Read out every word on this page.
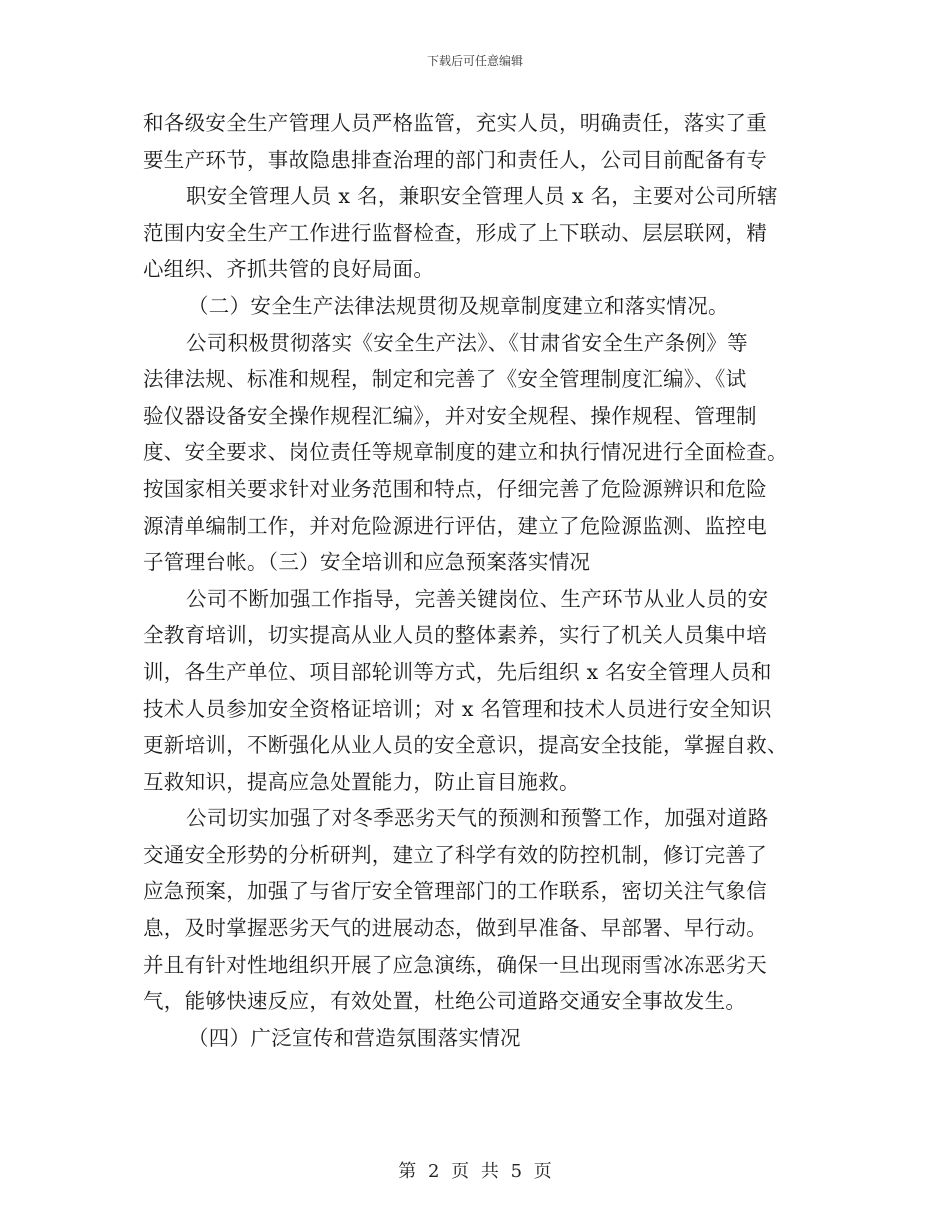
下载后可任意编辑
和各级安全生产管理人员严格监管，充实人员，明确责任，落实了重
要生产环节，事故隐患排查治理的部门和责任人，公司目前配备有专
职安全管理人员 x 名，兼职安全管理人员 x 名，主要对公司所辖
范围内安全生产工作进行监督检查，形成了上下联动、层层联网，精
心组织、齐抓共管的良好局面。
（二）安全生产法律法规贯彻及规章制度建立和落实情况。
公司积极贯彻落实《安全生产法》、《甘肃省安全生产条例》等
法律法规、标准和规程，制定和完善了《安全管理制度汇编》、《试
验仪器设备安全操作规程汇编》，并对安全规程、操作规程、管理制
度、安全要求、岗位责任等规章制度的建立和执行情况进行全面检查。
按国家相关要求针对业务范围和特点，仔细完善了危险源辨识和危险
源清单编制工作，并对危险源进行评估，建立了危险源监测、监控电
子管理台帐。（三）安全培训和应急预案落实情况
公司不断加强工作指导，完善关键岗位、生产环节从业人员的安
全教育培训，切实提高从业人员的整体素养，实行了机关人员集中培
训，各生产单位、项目部轮训等方式，先后组织 x 名安全管理人员和
技术人员参加安全资格证培训；对 x 名管理和技术人员进行安全知识
更新培训，不断强化从业人员的安全意识，提高安全技能，掌握自救、
互救知识，提高应急处置能力，防止盲目施救。
公司切实加强了对冬季恶劣天气的预测和预警工作，加强对道路
交通安全形势的分析研判，建立了科学有效的防控机制，修订完善了
应急预案，加强了与省厅安全管理部门的工作联系，密切关注气象信
息，及时掌握恶劣天气的进展动态，做到早准备、早部署、早行动。
并且有针对性地组织开展了应急演练，确保一旦出现雨雪冰冻恶劣天
气，能够快速反应，有效处置，杜绝公司道路交通安全事故发生。
（四）广泛宣传和营造氛围落实情况
第 2 页 共 5 页
